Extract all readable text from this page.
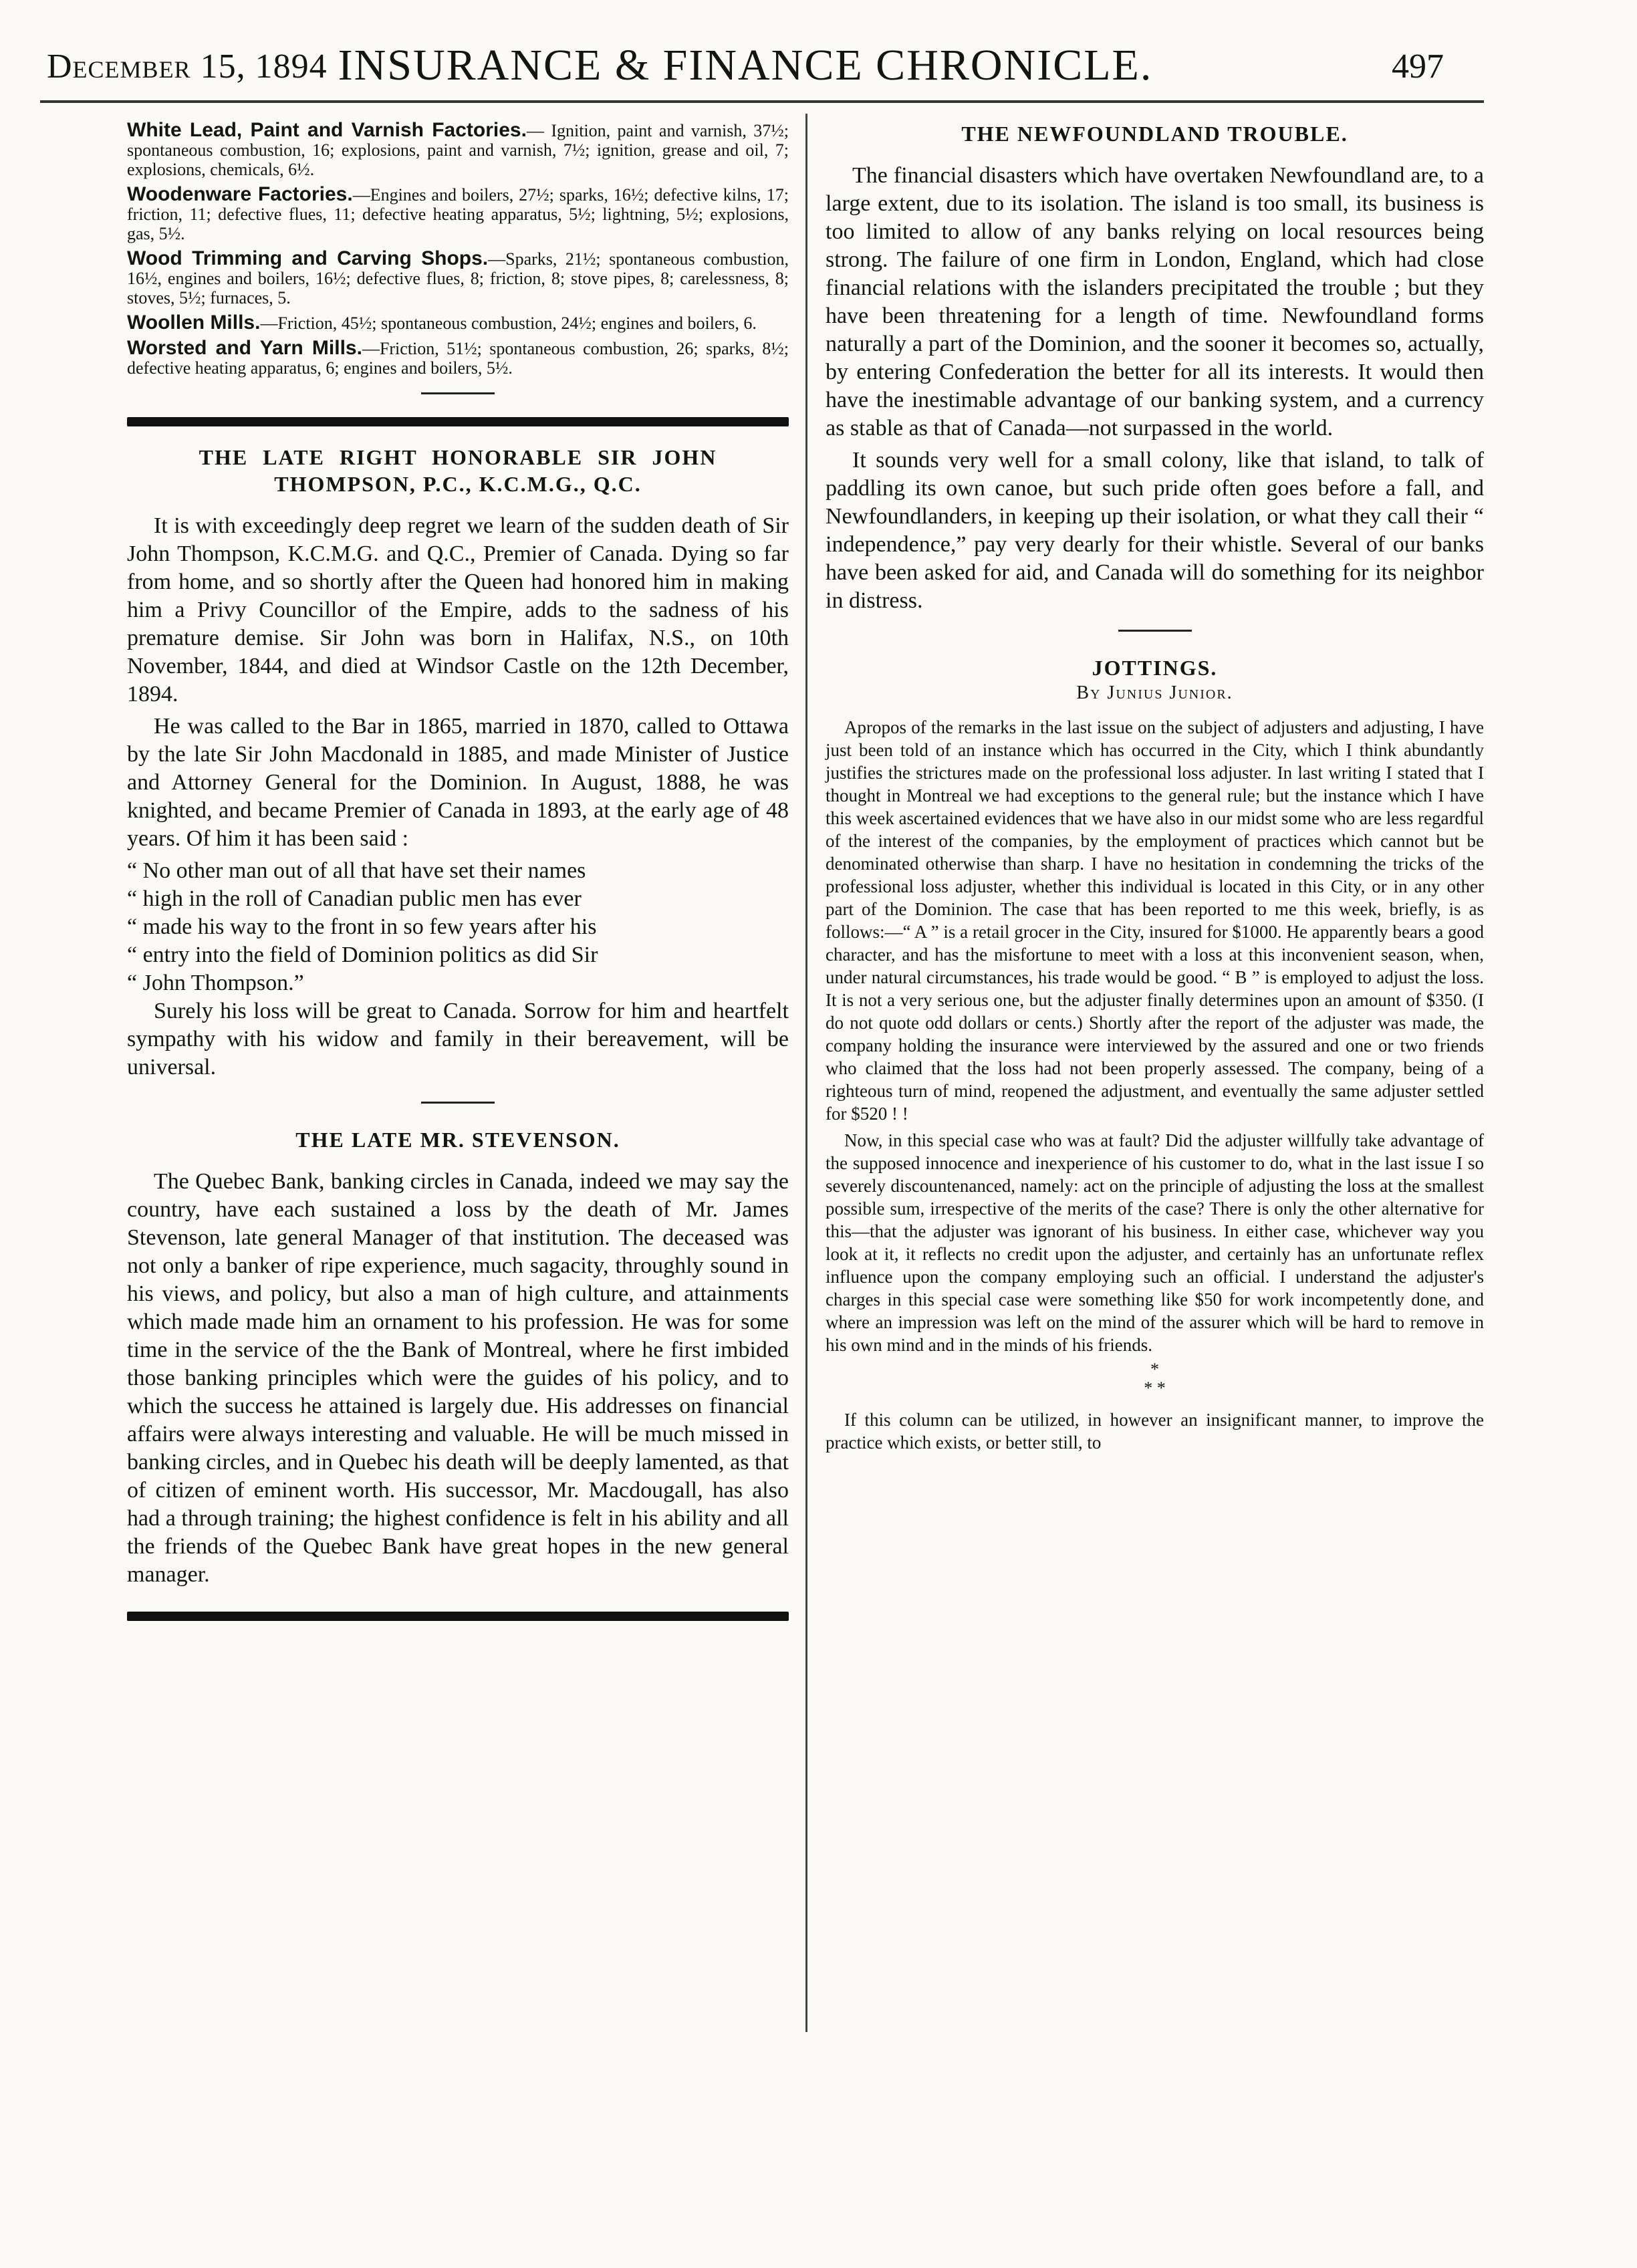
December 15, 1894 INSURANCE & FINANCE CHRONICLE.	497

White Lead, Paint and Varnish Factories.— Ignition, paint and varnish, 37½; spontaneous combustion, 16; explosions, paint and varnish, 7½; ignition, grease and oil, 7; explosions, chemicals, 6½.

Woodenware Factories.—Engines and boilers, 27½; sparks, 16½; defective kilns, 17; friction, 11; defective flues, 11; defective heating apparatus, 5½; lightning, 5½; explosions, gas, 5½.

Wood Trimming and Carving Shops.—Sparks, 21½; spontaneous combustion, 16½, engines and boilers, 16½; defective flues, 8; friction, 8; stove pipes, 8; carelessness, 8; stoves, 5½; furnaces, 5.

Woollen Mills.—Friction, 45½; spontaneous combustion, 24½; engines and boilers, 6.

Worsted and Yarn Mills.—Friction, 51½; spontaneous combustion, 26; sparks, 8½; defective heating apparatus, 6; engines and boilers, 5½.

THE LATE RIGHT HONORABLE SIR JOHN
THOMPSON, P.C., K.C.M.G., Q.C.

It is with exceedingly deep regret we learn of the sudden death of Sir John Thompson, K.C.M.G. and Q.C., Premier of Canada. Dying so far from home, and so shortly after the Queen had honored him in making him a Privy Councillor of the Empire, adds to the sadness of his premature demise. Sir John was born in Halifax, N.S., on 10th November, 1844, and died at Windsor Castle on the 12th December, 1894.

He was called to the Bar in 1865, married in 1870, called to Ottawa by the late Sir John Macdonald in 1885, and made Minister of Justice and Attorney General for the Dominion. In August, 1888, he was knighted, and became Premier of Canada in 1893, at the early age of 48 years. Of him it has been said :

“ No other man out of all that have set their names

“ high in the roll of Canadian public men has ever

“ made his way to the front in so few years after his

“ entry into the field of Dominion politics as did Sir

“ John Thompson.”

Surely his loss will be great to Canada. Sorrow for him and heartfelt sympathy with his widow and family in their bereavement, will be universal.

THE LATE MR. STEVENSON.

The Quebec Bank, banking circles in Canada, indeed we may say the country, have each sustained a loss by the death of Mr. James Stevenson, late general Manager of that institution. The deceased was not only a banker of ripe experience, much sagacity, throughly sound in his views, and policy, but also a man of high culture, and attainments which made made him an ornament to his profession. He was for some time in the service of the the Bank of Montreal, where he first imbided those banking principles which were the guides of his policy, and to which the success he attained is largely due. His addresses on financial affairs were always interesting and valuable. He will be much missed in banking circles, and in Quebec his death will be deeply lamented, as that of citizen of eminent worth. His successor, Mr. Macdougall, has also had a through training; the highest confidence is felt in his ability and all the friends of the Quebec Bank have great hopes in the new general manager.

THE NEWFOUNDLAND TROUBLE.

The financial disasters which have overtaken Newfoundland are, to a large extent, due to its isolation. The island is too small, its business is too limited to allow of any banks relying on local resources being strong. The failure of one firm in London, England, which had close financial relations with the islanders precipitated the trouble ; but they have been threatening for a length of time. Newfoundland forms naturally a part of the Dominion, and the sooner it becomes so, actually, by entering Confederation the better for all its interests. It would then have the inestimable advantage of our banking system, and a currency as stable as that of Canada—not surpassed in the world.

It sounds very well for a small colony, like that island, to talk of paddling its own canoe, but such pride often goes before a fall, and Newfoundlanders, in keeping up their isolation, or what they call their “ independence,” pay very dearly for their whistle. Several of our banks have been asked for aid, and Canada will do something for its neighbor in distress.

JOTTINGS.
By Junius Junior.

Apropos of the remarks in the last issue on the subject of adjusters and adjusting, I have just been told of an instance which has occurred in the City, which I think abundantly justifies the strictures made on the professional loss adjuster. In last writing I stated that I thought in Montreal we had exceptions to the general rule; but the instance which I have this week ascertained evidences that we have also in our midst some who are less regardful of the interest of the companies, by the employment of practices which cannot but be denominated otherwise than sharp. I have no hesitation in condemning the tricks of the professional loss adjuster, whether this individual is located in this City, or in any other part of the Dominion. The case that has been reported to me this week, briefly, is as follows:—“ A ” is a retail grocer in the City, insured for $1000. He apparently bears a good character, and has the misfortune to meet with a loss at this inconvenient season, when, under natural circumstances, his trade would be good. “ B ” is employed to adjust the loss. It is not a very serious one, but the adjuster finally determines upon an amount of $350. (I do not quote odd dollars or cents.) Shortly after the report of the adjuster was made, the company holding the insurance were interviewed by the assured and one or two friends who claimed that the loss had not been properly assessed. The company, being of a righteous turn of mind, reopened the adjustment, and eventually the same adjuster settled for $520 ! !

Now, in this special case who was at fault? Did the adjuster willfully take advantage of the supposed innocence and inexperience of his customer to do, what in the last issue I so severely discountenanced, namely: act on the principle of adjusting the loss at the smallest possible sum, irrespective of the merits of the case? There is only the other alternative for this—that the adjuster was ignorant of his business. In either case, whichever way you look at it, it reflects no credit upon the adjuster, and certainly has an unfortunate reflex influence upon the company employing such an official. I understand the adjuster's charges in this special case were something like $50 for work incompetently done, and where an impression was left on the mind of the assurer which will be hard to remove in his own mind and in the minds of his friends.

*
* *

If this column can be utilized, in however an insignificant manner, to improve the practice which exists, or better still, to
